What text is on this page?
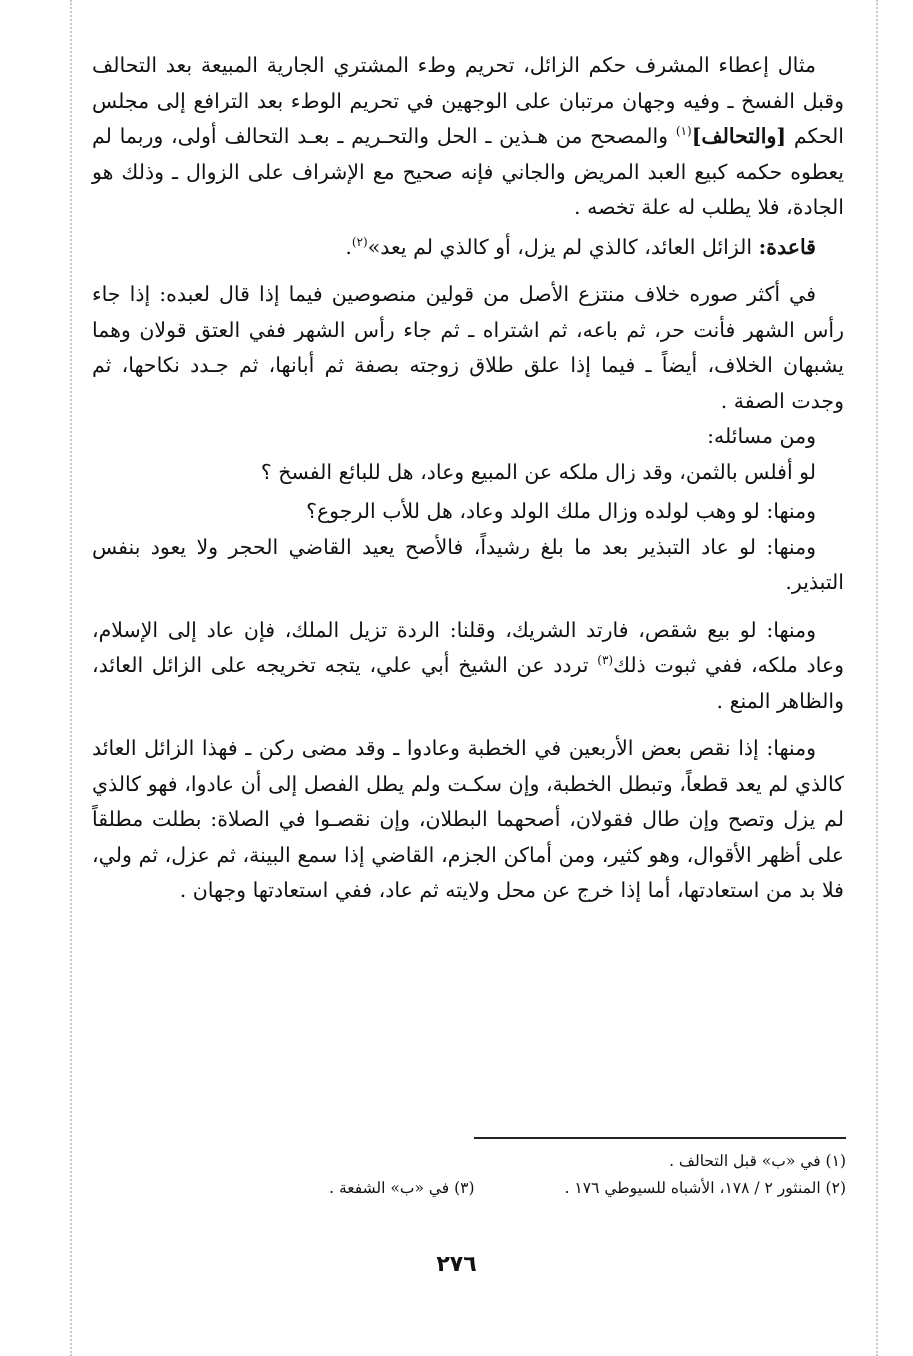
مثال إعطاء المشرف حكم الزائل، تحريم وطء المشتري الجارية المبيعة بعد التحالف وقبل الفسخ ـ وفيه وجهان مرتبان على الوجهين في تحريم الوطء بعد الترافع إلى مجلس الحكم [والتحالف]$^{(١)}$ والمصحح من هـذين ـ الحل والتحـريم ـ بعـد التحالف أولى، وربما لم يعطوه حكمه كبيع العبد المريض والجاني فإنه صحيح مع الإشراف على الزوال ـ وذلك هو الجادة، فلا يطلب له علة تخصه .

قاعدة: الزائل العائد، كالذي لم يزل، أو كالذي لم يعد»$^{(٢)}$.

في أكثر صوره خلاف منتزع الأصل من قولين منصوصين فيما إذا قال لعبده: إذا جاء رأس الشهر فأنت حر، ثم باعه، ثم اشتراه ـ ثم جاء رأس الشهر ففي العتق قولان وهما يشبهان الخلاف، أيضاً ـ فيما إذا علق طلاق زوجته بصفة ثم أبانها، ثم جـدد نكاحها، ثم وجدت الصفة .

ومن مسائله:

لو أفلس بالثمن، وقد زال ملكه عن المبيع وعاد، هل للبائع الفسخ ؟

ومنها: لو وهب لولده وزال ملك الولد وعاد، هل للأب الرجوع؟

ومنها: لو عاد التبذير بعد ما بلغ رشيداً، فالأصح يعيد القاضي الحجر ولا يعود بنفس التبذير.

ومنها: لو بيع شقص، فارتد الشريك، وقلنا: الردة تزيل الملك، فإن عاد إلى الإسلام، وعاد ملكه، ففي ثبوت ذلك$^{(٣)}$ تردد عن الشيخ أبي علي، يتجه تخريجه على الزائل العائد، والظاهر المنع .

ومنها: إذا نقص بعض الأربعين في الخطبة وعادوا ـ وقد مضى ركن ـ فهذا الزائل العائد كالذي لم يعد قطعاً، وتبطل الخطبة، وإن سكـت ولم يطل الفصل إلى أن عادوا، فهو كالذي لم يزل وتصح وإن طال فقولان، أصحهما البطلان، وإن نقصـوا في الصلاة: بطلت مطلقاً على أظهر الأقوال، وهو كثير، ومن أماكن الجزم، القاضي إذا سمع البينة، ثم عزل، ثم ولي، فلا بد من استعادتها، أما إذا خرج عن محل ولايته ثم عاد، ففي استعادتها وجهان .

(١) في «ب» قبل التحالف .
(٢) المنثور ٢ / ١٧٨، الأشباه للسيوطي ١٧٦ .
(٣) في «ب» الشفعة .
٢٧٦
